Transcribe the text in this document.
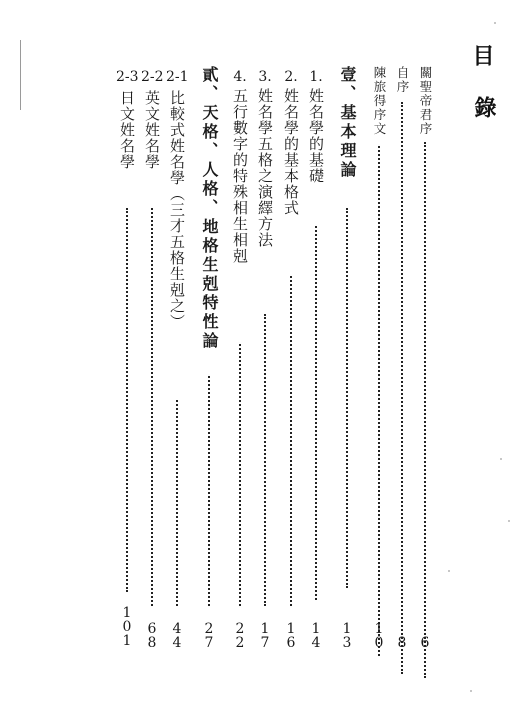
目
錄
關聖帝君序
6
自序
8
陳旅得序文
1
0
壹、基本理論
1
3
1.
姓名學的基礎
1
4
2.
姓名學的基本格式
1
6
3.
姓名學五格之演繹方法
1
7
4.
五行數字的特殊相生相剋
2
2
貳、天格、人格、地格生剋特性論
2
7
2-1
比較式姓名學（三才五格生剋之）
4
4
2-2
英文姓名學
6
8
2-3
日文姓名學
1
0
1
